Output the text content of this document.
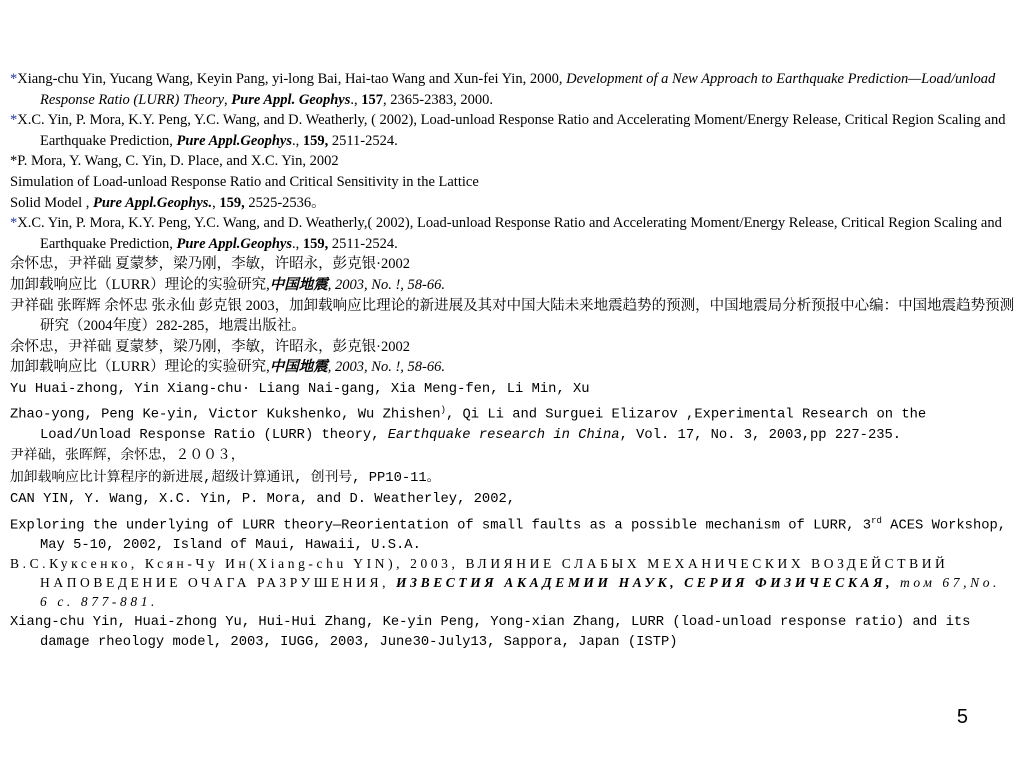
*Xiang-chu Yin, Yucang Wang, Keyin Pang, yi-long Bai, Hai-tao Wang and Xun-fei Yin, 2000, Development of a New Approach to Earthquake Prediction—Load/unload Response Ratio (LURR) Theory, Pure Appl. Geophys., 157, 2365-2383, 2000.
*X.C. Yin, P. Mora, K.Y. Peng, Y.C. Wang, and D. Weatherly, ( 2002), Load-unload Response Ratio and Accelerating Moment/Energy Release, Critical Region Scaling and Earthquake Prediction, Pure Appl.Geophys., 159, 2511-2524.
*P. Mora, Y. Wang, C. Yin, D. Place, and X.C. Yin, 2002
Simulation of Load-unload Response Ratio and Critical Sensitivity in the Lattice
Solid Model , Pure Appl.Geophys., 159, 2525-2536。
*X.C. Yin, P. Mora, K.Y. Peng, Y.C. Wang, and D. Weatherly,( 2002), Load-unload Response Ratio and Accelerating Moment/Energy Release, Critical Region Scaling and Earthquake Prediction, Pure Appl.Geophys., 159, 2511-2524.
余怀忠，尹祥础 夏蒙梦，梁乃刚，李敏，许昭永，彭克银·2002
加卸载响应比（LURR）理论的实验研究,中国地震, 2003, No. !, 58-66.
尹祥础 张晖辉 余怀忠 张永仙 彭克银 2003，加卸载响应比理论的新进展及其对中国大陆未来地震趋势的预测，中国地震局分析预报中心编：中国地震趋势预测研究（2004年度）282-285，地震出版社。
余怀忠，尹祥础 夏蒙梦，梁乃刚，李敏，许昭永，彭克银·2002
加卸载响应比（LURR）理论的实验研究,中国地震, 2003, No. !, 58-66.
Yu Huai-zhong, Yin Xiang-chu· Liang Nai-gang, Xia Meng-fen, Li Min, Xu
Zhao-yong, Peng Ke-yin, Victor Kukshenko, Wu Zhishen), Qi Li and Surguei Elizarov ,Experimental Research on the Load/Unload Response Ratio (LURR) theory, Earthquake research in China, Vol. 17, No. 3, 2003,pp 227-235.
尹祥础，张晖辉，余怀忠，２００３，
加卸载响应比计算程序的新进展,超级计算通讯, 创刊号, PP10-11。
CAN YIN, Y. Wang, X.C. Yin, P. Mora, and D. Weatherley, 2002,
Exploring the underlying of LURR theory—Reorientation of small faults as a possible mechanism of LURR, 3rd ACES Workshop, May 5-10, 2002, Island of Maui, Hawaii, U.S.A.
В.С.Куксенко, Ксян-Чу Ин(Xiang-chu YIN), 2003, ВЛИЯНИЕ СЛАБЫХ МЕХАНИЧЕСКИХ ВОЗДЕЙСТВИЙ НАПОВЕДЕНИЕ ОЧАГА РАЗРУШЕНИЯ, ИЗВЕСТИЯ АКАДЕМИИ НАУК, СЕРИЯ ФИЗИЧЕСКАЯ, том 67,No. 6 с. 877-881.
Xiang-chu Yin, Huai-zhong Yu, Hui-Hui Zhang, Ke-yin Peng, Yong-xian Zhang, LURR (load-unload response ratio) and its damage rheology model, 2003, IUGG, 2003, June30-July13, Sappora, Japan (ISTP)
5
